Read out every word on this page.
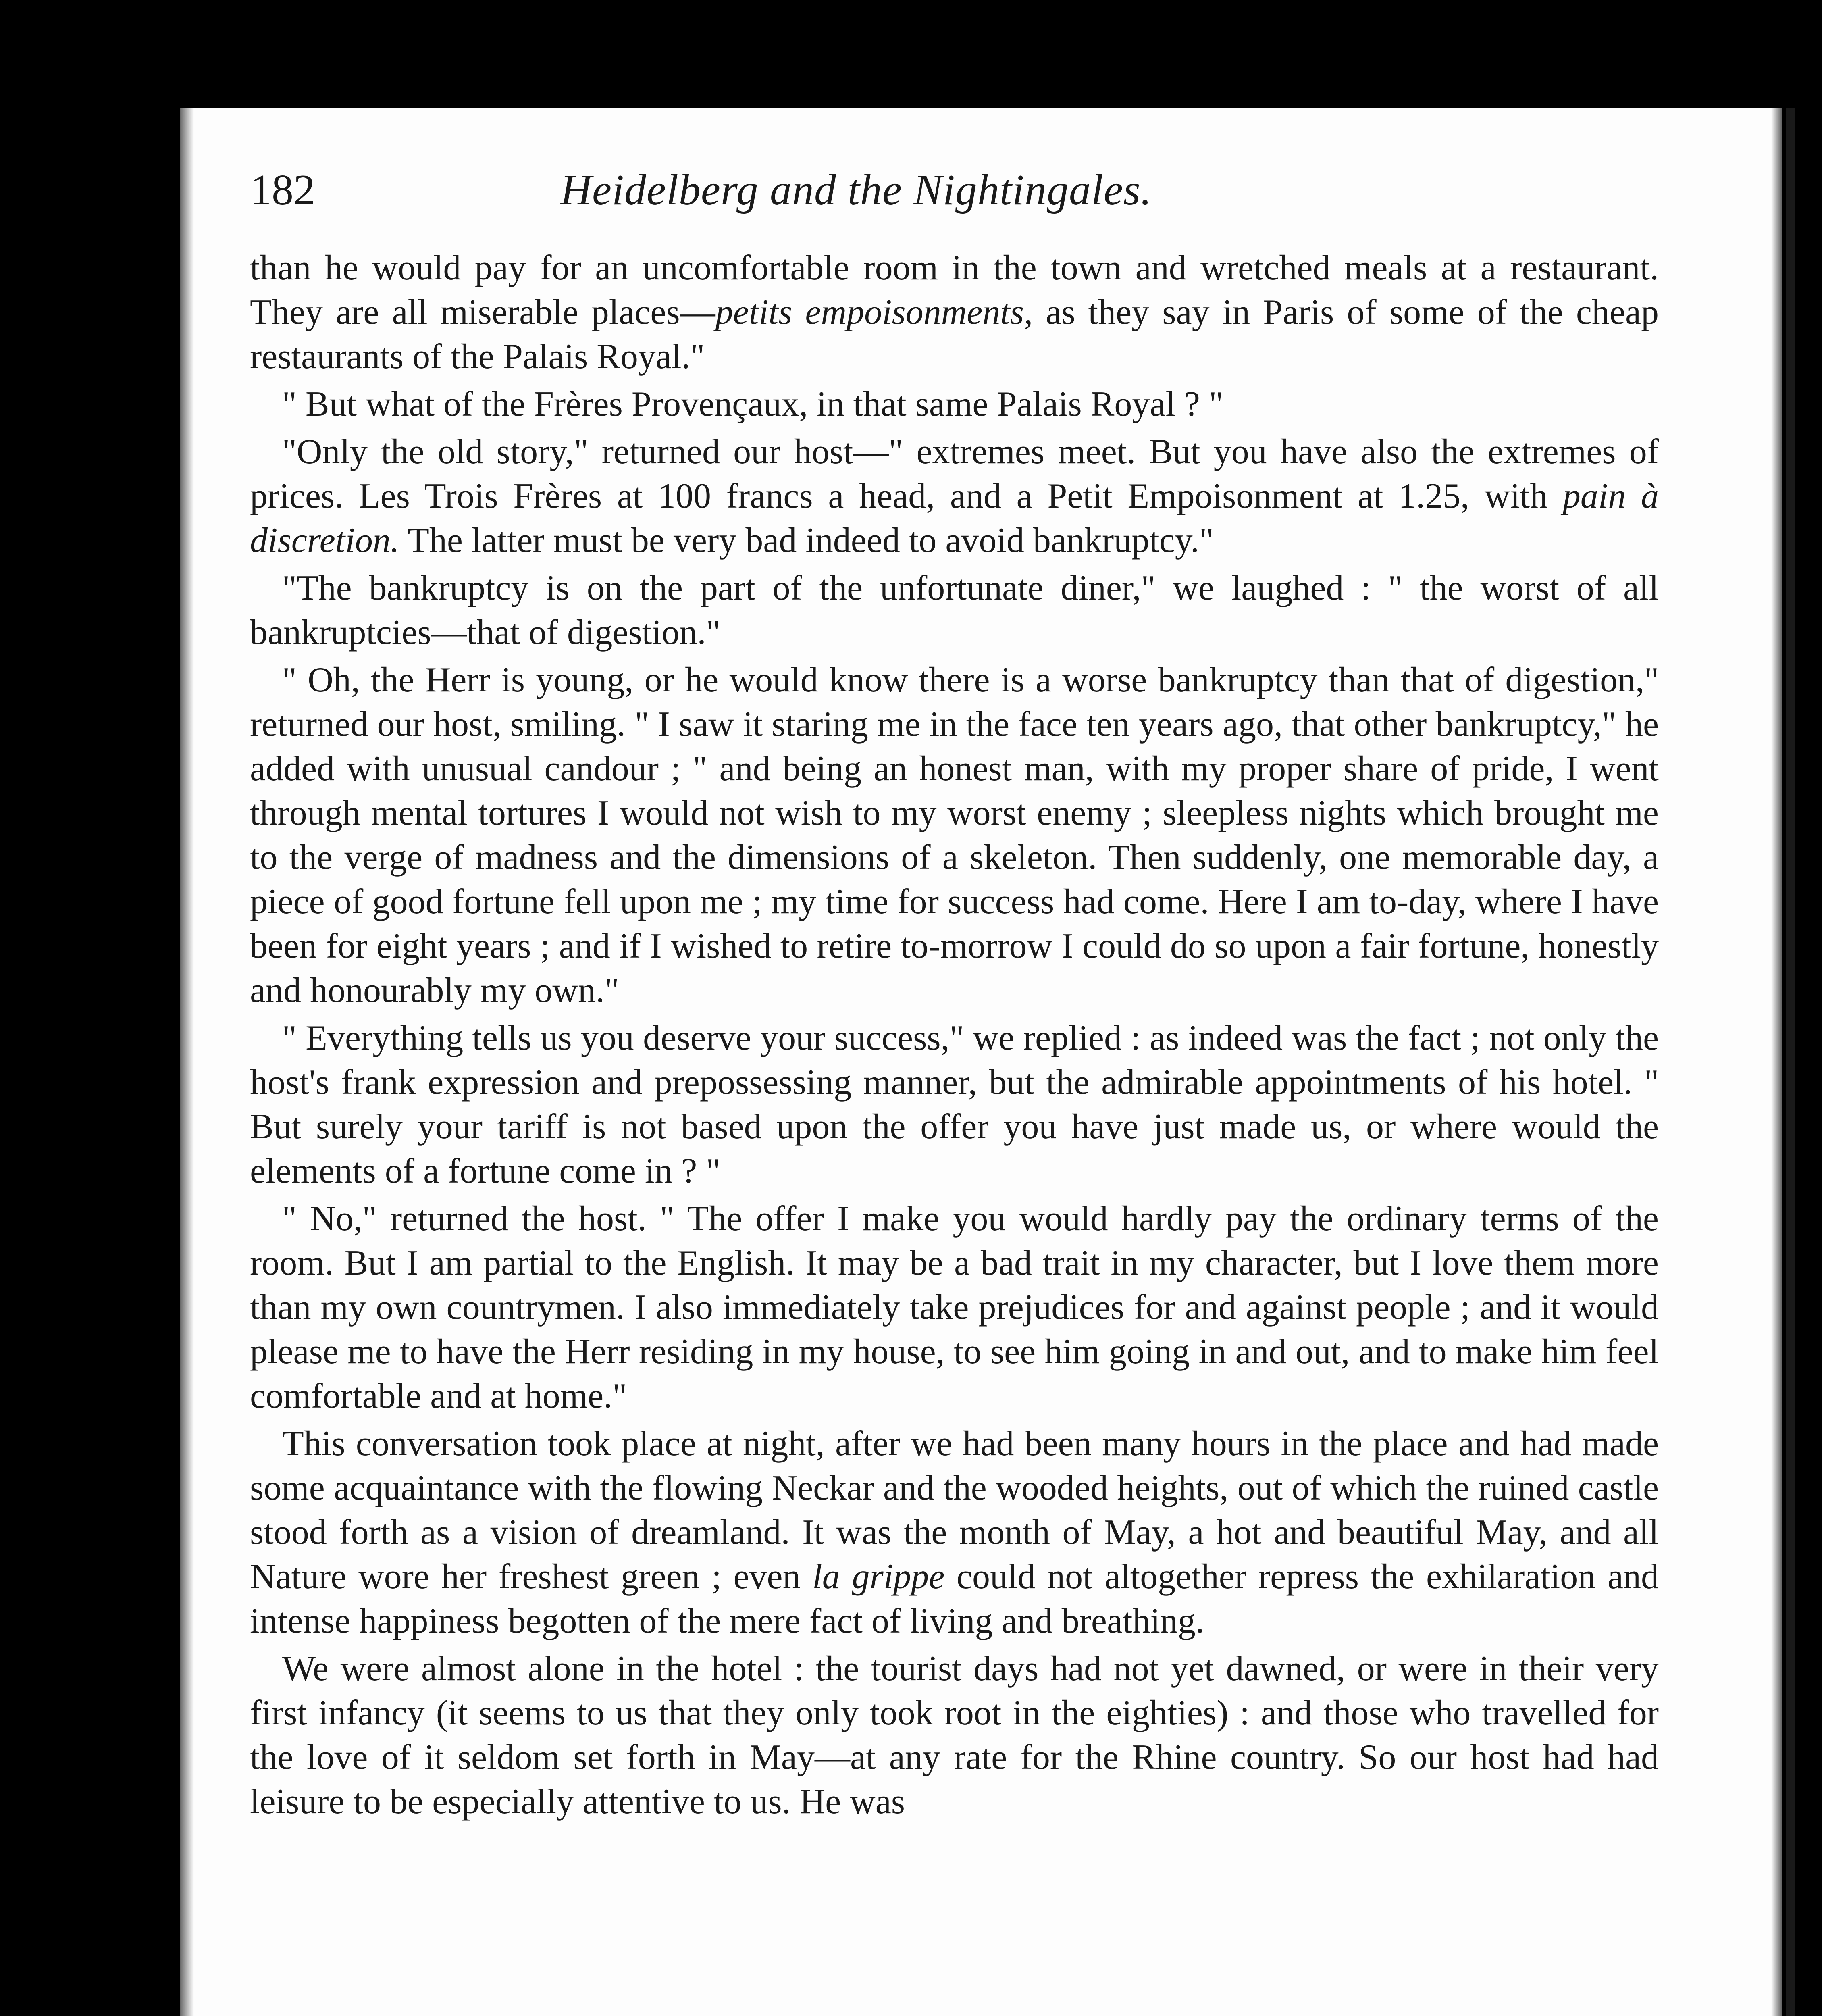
182	Heidelberg and the Nightingales.

than he would pay for an uncomfortable room in the town and wretched meals at a restaurant. They are all miserable places—petits empoisonments, as they say in Paris of some of the cheap restaurants of the Palais Royal."

" But what of the Frères Provençaux, in that same Palais Royal ? "

"Only the old story," returned our host—" extremes meet. But you have also the extremes of prices. Les Trois Frères at 100 francs a head, and a Petit Empoisonment at 1.25, with pain à discretion. The latter must be very bad indeed to avoid bankruptcy."

"The bankruptcy is on the part of the unfortunate diner," we laughed : " the worst of all bankruptcies—that of digestion."

" Oh, the Herr is young, or he would know there is a worse bankruptcy than that of digestion," returned our host, smiling. " I saw it staring me in the face ten years ago, that other bankruptcy," he added with unusual candour ; " and being an honest man, with my proper share of pride, I went through mental tortures I would not wish to my worst enemy ; sleepless nights which brought me to the verge of madness and the dimensions of a skeleton. Then suddenly, one memorable day, a piece of good fortune fell upon me ; my time for success had come. Here I am to-day, where I have been for eight years ; and if I wished to retire to-morrow I could do so upon a fair fortune, honestly and honourably my own."

" Everything tells us you deserve your success," we replied : as indeed was the fact ; not only the host's frank expression and prepossessing manner, but the admirable appointments of his hotel. " But surely your tariff is not based upon the offer you have just made us, or where would the elements of a fortune come in ? "

" No," returned the host. " The offer I make you would hardly pay the ordinary terms of the room. But I am partial to the English. It may be a bad trait in my character, but I love them more than my own countrymen. I also immediately take prejudices for and against people ; and it would please me to have the Herr residing in my house, to see him going in and out, and to make him feel comfortable and at home."

This conversation took place at night, after we had been many hours in the place and had made some acquaintance with the flowing Neckar and the wooded heights, out of which the ruined castle stood forth as a vision of dreamland. It was the month of May, a hot and beautiful May, and all Nature wore her freshest green ; even la grippe could not altogether repress the exhilaration and intense happiness begotten of the mere fact of living and breathing.

We were almost alone in the hotel : the tourist days had not yet dawned, or were in their very first infancy (it seems to us that they only took root in the eighties) : and those who travelled for the love of it seldom set forth in May—at any rate for the Rhine country. So our host had had leisure to be especially attentive to us. He was
